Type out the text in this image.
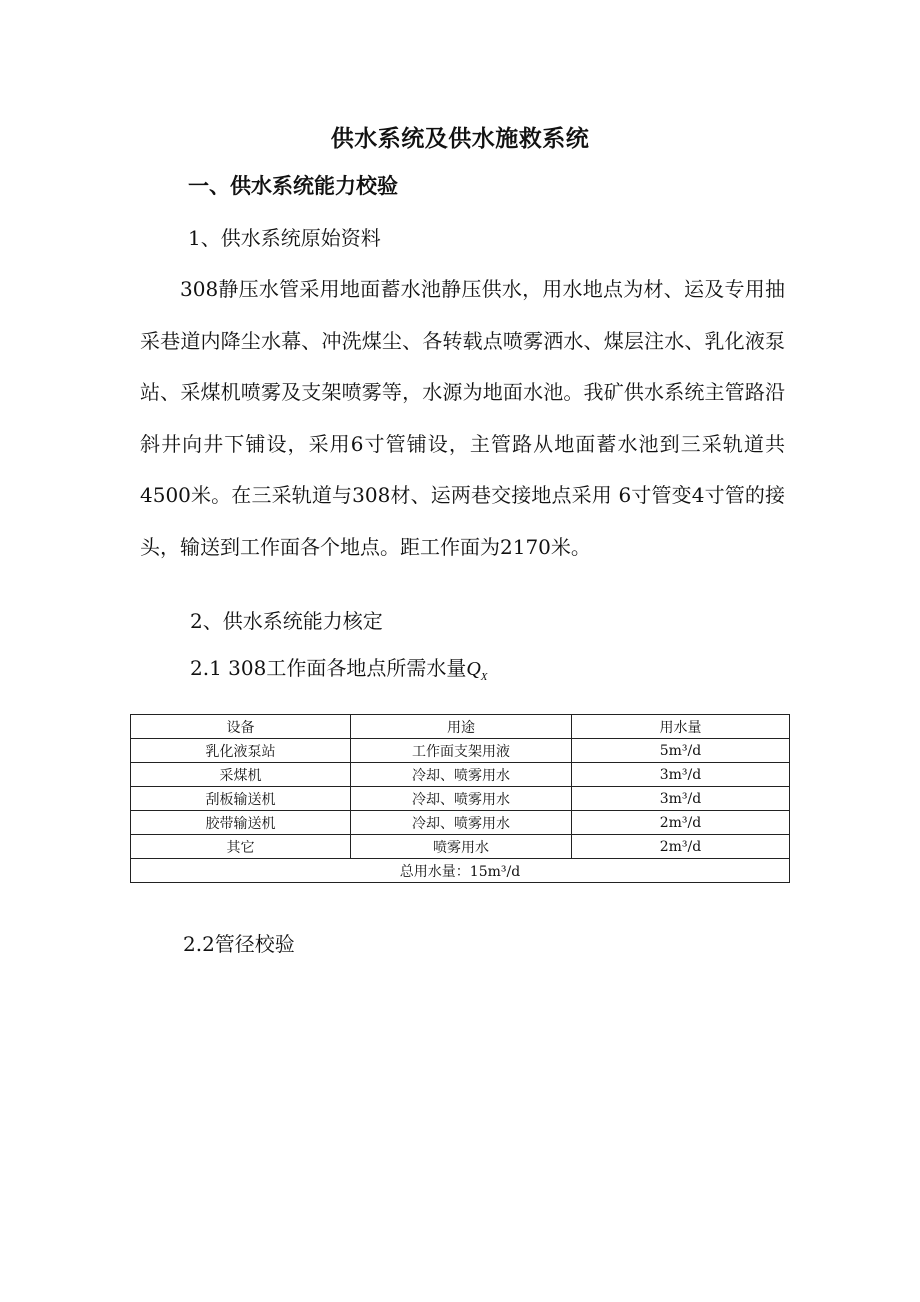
供水系统及供水施救系统
一、供水系统能力校验
1、供水系统原始资料

308静压水管采用地面蓄水池静压供水，用水地点为材、运及专用抽采巷道内降尘水幕、冲洗煤尘、各转载点喷雾洒水、煤层注水、乳化液泵站、采煤机喷雾及支架喷雾等，水源为地面水池。我矿供水系统主管路沿斜井向井下铺设，采用6寸管铺设，主管路从地面蓄水池到三采轨道共4500米。在三采轨道与308材、运两巷交接地点采用 6寸管变4寸管的接头，输送到工作面各个地点。距工作面为2170米。

2、供水系统能力核定
2.1 308工作面各地点所需水量$Q_X$
设备	用途	用水量
乳化液泵站	工作面支架用液	5m³/d
采煤机	冷却、喷雾用水	3m³/d
刮板输送机	冷却、喷雾用水	3m³/d
胶带输送机	冷却、喷雾用水	2m³/d
其它	喷雾用水	2m³/d
总用水量：15m³/d		
2.2管径校验
